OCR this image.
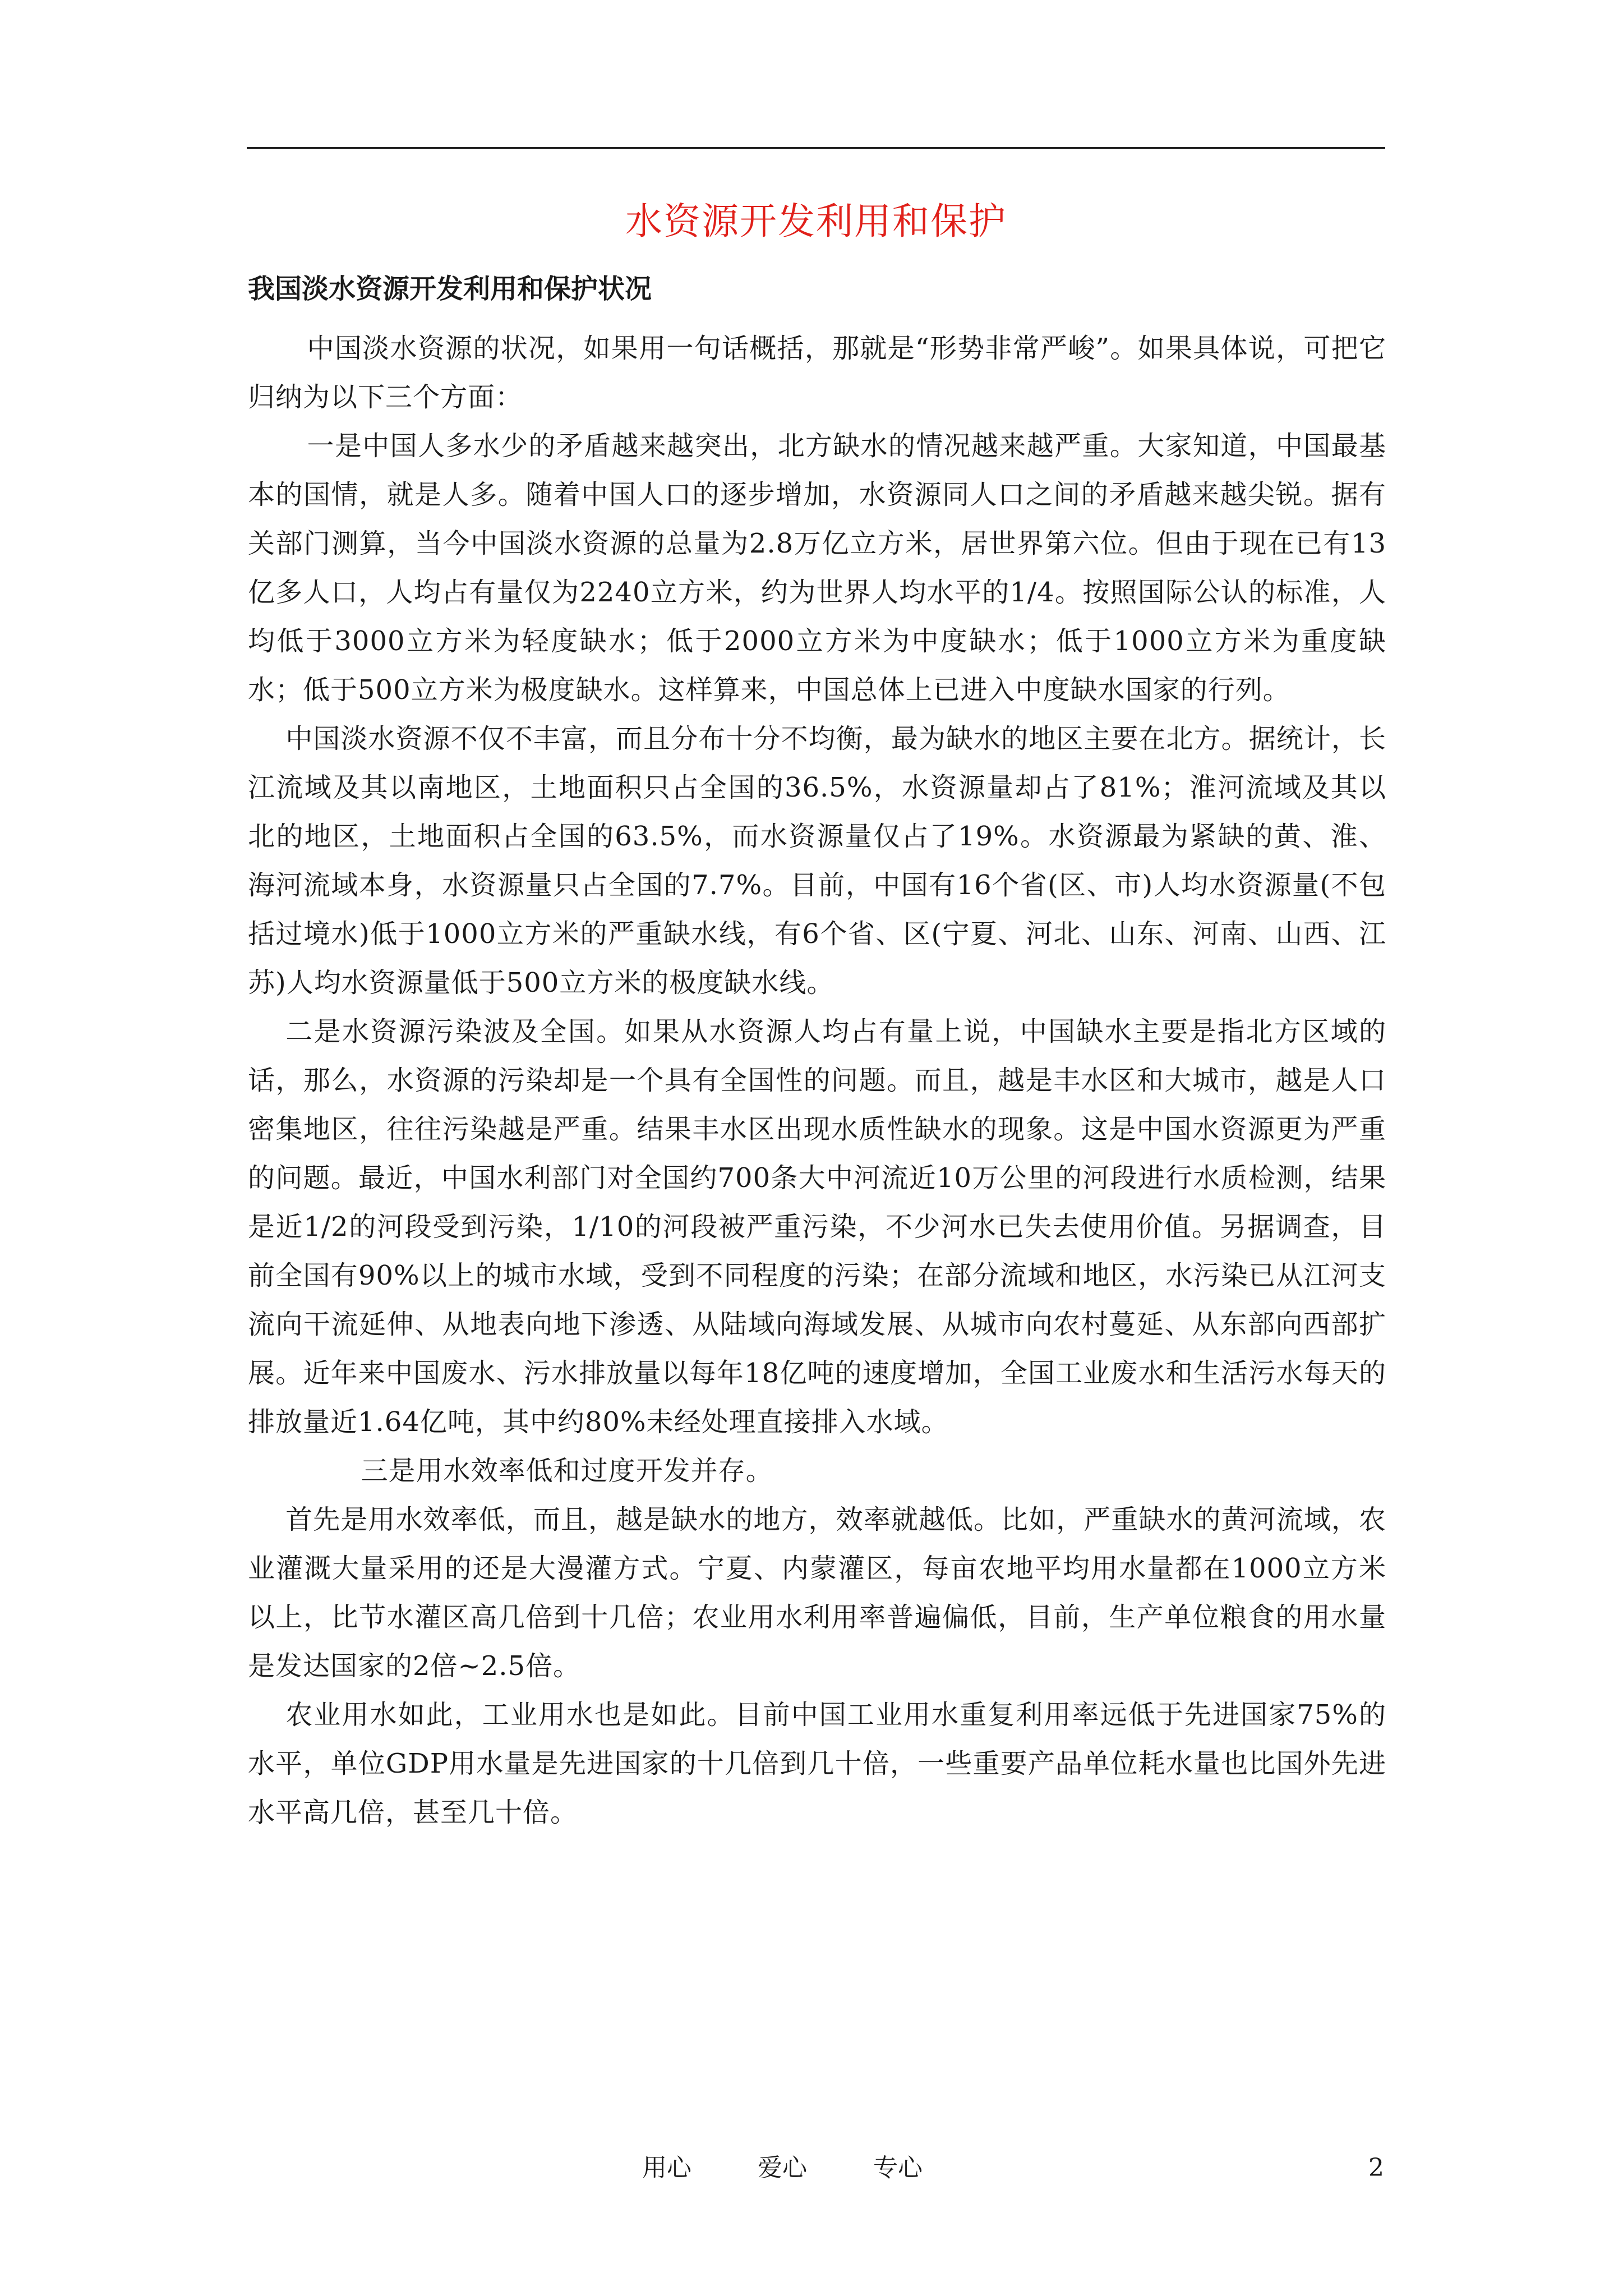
水资源开发利用和保护
我国淡水资源开发利用和保护状况

中国淡水资源的状况，如果用一句话概括，那就是“形势非常严峻”。如果具体说，可把它归纳为以下三个方面：

一是中国人多水少的矛盾越来越突出，北方缺水的情况越来越严重。大家知道，中国最基本的国情，就是人多。随着中国人口的逐步增加，水资源同人口之间的矛盾越来越尖锐。据有关部门测算，当今中国淡水资源的总量为2.8万亿立方米，居世界第六位。但由于现在已有13亿多人口，人均占有量仅为2240立方米，约为世界人均水平的1/4。按照国际公认的标准，人均低于3000立方米为轻度缺水；低于2000立方米为中度缺水；低于1000立方米为重度缺水；低于500立方米为极度缺水。这样算来，中国总体上已进入中度缺水国家的行列。

中国淡水资源不仅不丰富，而且分布十分不均衡，最为缺水的地区主要在北方。据统计，长江流域及其以南地区，土地面积只占全国的36.5%，水资源量却占了81%；淮河流域及其以北的地区，土地面积占全国的63.5%，而水资源量仅占了19%。水资源最为紧缺的黄、淮、海河流域本身，水资源量只占全国的7.7%。目前，中国有16个省(区、市)人均水资源量(不包括过境水)低于1000立方米的严重缺水线，有6个省、区(宁夏、河北、山东、河南、山西、江苏)人均水资源量低于500立方米的极度缺水线。

二是水资源污染波及全国。如果从水资源人均占有量上说，中国缺水主要是指北方区域的话，那么，水资源的污染却是一个具有全国性的问题。而且，越是丰水区和大城市，越是人口密集地区，往往污染越是严重。结果丰水区出现水质性缺水的现象。这是中国水资源更为严重的问题。最近，中国水利部门对全国约700条大中河流近10万公里的河段进行水质检测，结果是近1/2的河段受到污染，1/10的河段被严重污染，不少河水已失去使用价值。另据调查，目前全国有90%以上的城市水域，受到不同程度的污染；在部分流域和地区，水污染已从江河支流向干流延伸、从地表向地下渗透、从陆域向海域发展、从城市向农村蔓延、从东部向西部扩展。近年来中国废水、污水排放量以每年18亿吨的速度增加，全国工业废水和生活污水每天的排放量近1.64亿吨，其中约80%未经处理直接排入水域。

三是用水效率低和过度开发并存。

首先是用水效率低，而且，越是缺水的地方，效率就越低。比如，严重缺水的黄河流域，农业灌溉大量采用的还是大漫灌方式。宁夏、内蒙灌区，每亩农地平均用水量都在1000立方米以上，比节水灌区高几倍到十几倍；农业用水利用率普遍偏低，目前，生产单位粮食的用水量是发达国家的2倍~2.5倍。

农业用水如此，工业用水也是如此。目前中国工业用水重复利用率远低于先进国家75%的水平，单位GDP用水量是先进国家的十几倍到几十倍，一些重要产品单位耗水量也比国外先进水平高几倍，甚至几十倍。

用心	爱心	专心	2
